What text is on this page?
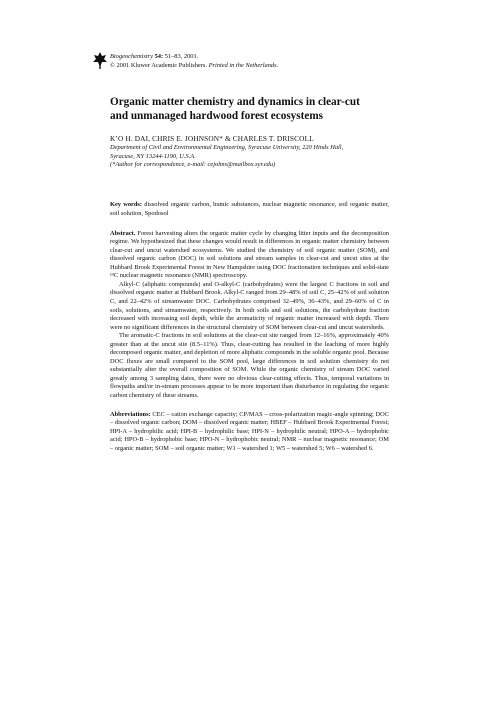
Biogeochemistry 54: 51–83, 2001.
© 2001 Kluwer Academic Publishers. Printed in the Netherlands.
Organic matter chemistry and dynamics in clear-cut
and unmanaged hardwood forest ecosystems
K’O H. DAI, CHRIS E. JOHNSON* & CHARLES T. DRISCOLL
Department of Civil and Environmental Engineering, Syracuse University, 220 Hinds Hall,
Syracuse, NY 13244-1190, U.S.A.
(*Author for correspondence, e-mail: cejohns@mailbox.syr.edu)
Key words: dissolved organic carbon, humic substances, nuclear magnetic resonance, soil organic matter, soil solution, Spodosol

Abstract. Forest harvesting alters the organic matter cycle by changing litter inputs and the decomposition regime. We hypothesized that these changes would result in differences in organic matter chemistry between clear-cut and uncut watershed ecosystems. We studied the chemistry of soil organic matter (SOM), and dissolved organic carbon (DOC) in soil solutions and stream samples in clear-cut and uncut sites at the Hubbard Brook Experimental Forest in New Hampshire using DOC fractionation techniques and solid-state ¹³C nuclear magnetic resonance (NMR) spectroscopy.

Alkyl-C (aliphatic compounds) and O-alkyl-C (carbohydrates) were the largest C fractions in soil and dissolved organic matter at Hubbard Brook. Alkyl-C ranged from 29–48% of soil C, 25–42% of soil solution C, and 22–42% of streamwater DOC. Carbohydrates comprised 32–49%, 36–43%, and 29–60% of C in soils, solutions, and streamwater, respectively. In both soils and soil solutions, the carbohydrate fraction decreased with increasing soil depth, while the aromaticity of organic matter increased with depth. There were no significant differences in the structural chemistry of SOM between clear-cut and uncut watersheds.

The aromatic-C fractions in soil solutions at the clear-cut site ranged from 12–16%, approximately 40% greater than at the uncut site (8.5–11%). Thus, clear-cutting has resulted in the leaching of more highly decomposed organic matter, and depletion of more aliphatic compounds in the soluble organic pool. Because DOC fluxes are small compared to the SOM pool, large differences in soil solution chemistry do not substantially alter the overall composition of SOM. While the organic chemistry of stream DOC varied greatly among 3 sampling dates, there were no obvious clear-cutting effects. Thus, temporal variations in flowpaths and/or in-stream processes appear to be more important than disturbance in regulating the organic carbon chemistry of these streams.

Abbreviations: CEC – cation exchange capacity; CP/MAS – cross-polarization magic-angle spinning; DOC – dissolved organic carbon; DOM – dissolved organic matter; HBEF – Hubbard Brook Experimental Forest; HPI-A – hydrophilic acid; HPI-B – hydrophilic base; HPI-N – hydrophilic neutral; HPO-A – hydrophobic acid; HPO-B – hydrophobic base; HPO-N – hydrophobic neutral; NMR – nuclear magnetic resonance; OM – organic matter; SOM – soil organic matter; W1 – watershed 1; W5 – watershed 5; W6 – watershed 6.
